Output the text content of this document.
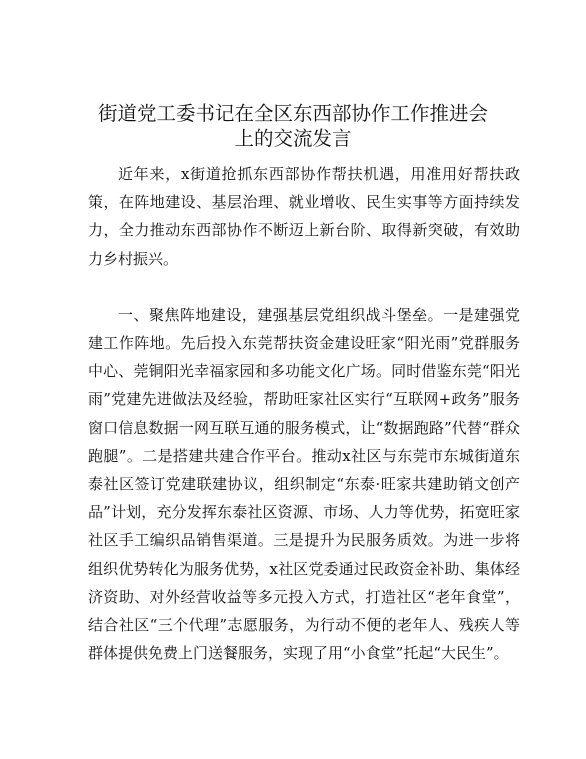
街道党工委书记在全区东西部协作工作推进会
上的交流发言

近年来，x街道抢抓东西部协作帮扶机遇，用准用好帮扶政策，在阵地建设、基层治理、就业增收、民生实事等方面持续发力，全力推动东西部协作不断迈上新台阶、取得新突破，有效助力乡村振兴。

一、聚焦阵地建设，建强基层党组织战斗堡垒。一是建强党建工作阵地。先后投入东莞帮扶资金建设旺家“阳光雨”党群服务中心、莞铜阳光幸福家园和多功能文化广场。同时借鉴东莞“阳光雨”党建先进做法及经验，帮助旺家社区实行“互联网+政务”服务窗口信息数据一网互联互通的服务模式，让“数据跑路”代替“群众跑腿”。二是搭建共建合作平台。推动x社区与东莞市东城街道东泰社区签订党建联建协议，组织制定“东泰·旺家共建助销文创产品”计划，充分发挥东泰社区资源、市场、人力等优势，拓宽旺家社区手工编织品销售渠道。三是提升为民服务质效。为进一步将组织优势转化为服务优势，x社区党委通过民政资金补助、集体经济资助、对外经营收益等多元投入方式，打造社区“老年食堂”，结合社区“三个代理”志愿服务，为行动不便的老年人、残疾人等群体提供免费上门送餐服务，实现了用“小食堂”托起“大民生”。
